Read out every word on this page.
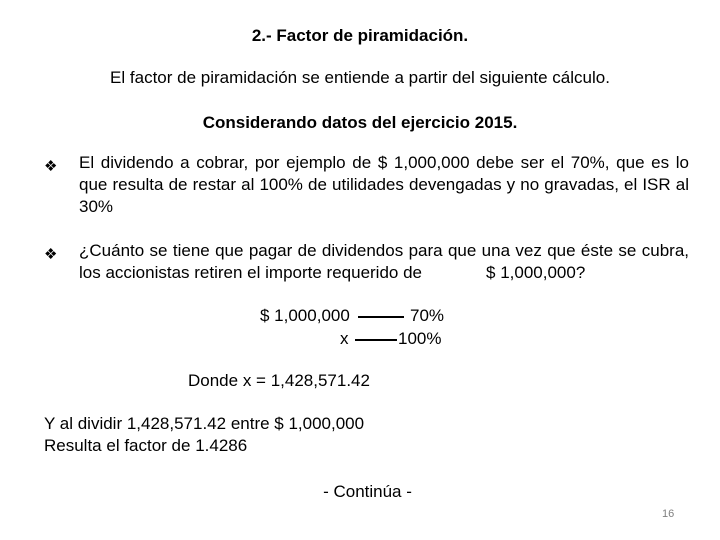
2.- Factor de piramidación.
El factor de piramidación se entiende a partir del siguiente cálculo.
Considerando datos del ejercicio 2015.
❖ El dividendo a cobrar, por ejemplo de $ 1,000,000 debe ser el 70%, que es lo que resulta de restar al 100% de utilidades devengadas y no gravadas, el ISR al 30%
❖ ¿Cuánto se tiene que pagar de dividendos para que una vez que éste se cubra, los accionistas retiren el importe requerido de	$ 1,000,000?
$ 1,000,000	70%
x	100%
Donde x = 1,428,571.42
Y al dividir 1,428,571.42 entre $ 1,000,000
Resulta el factor de 1.4286
- Continúa -
16
